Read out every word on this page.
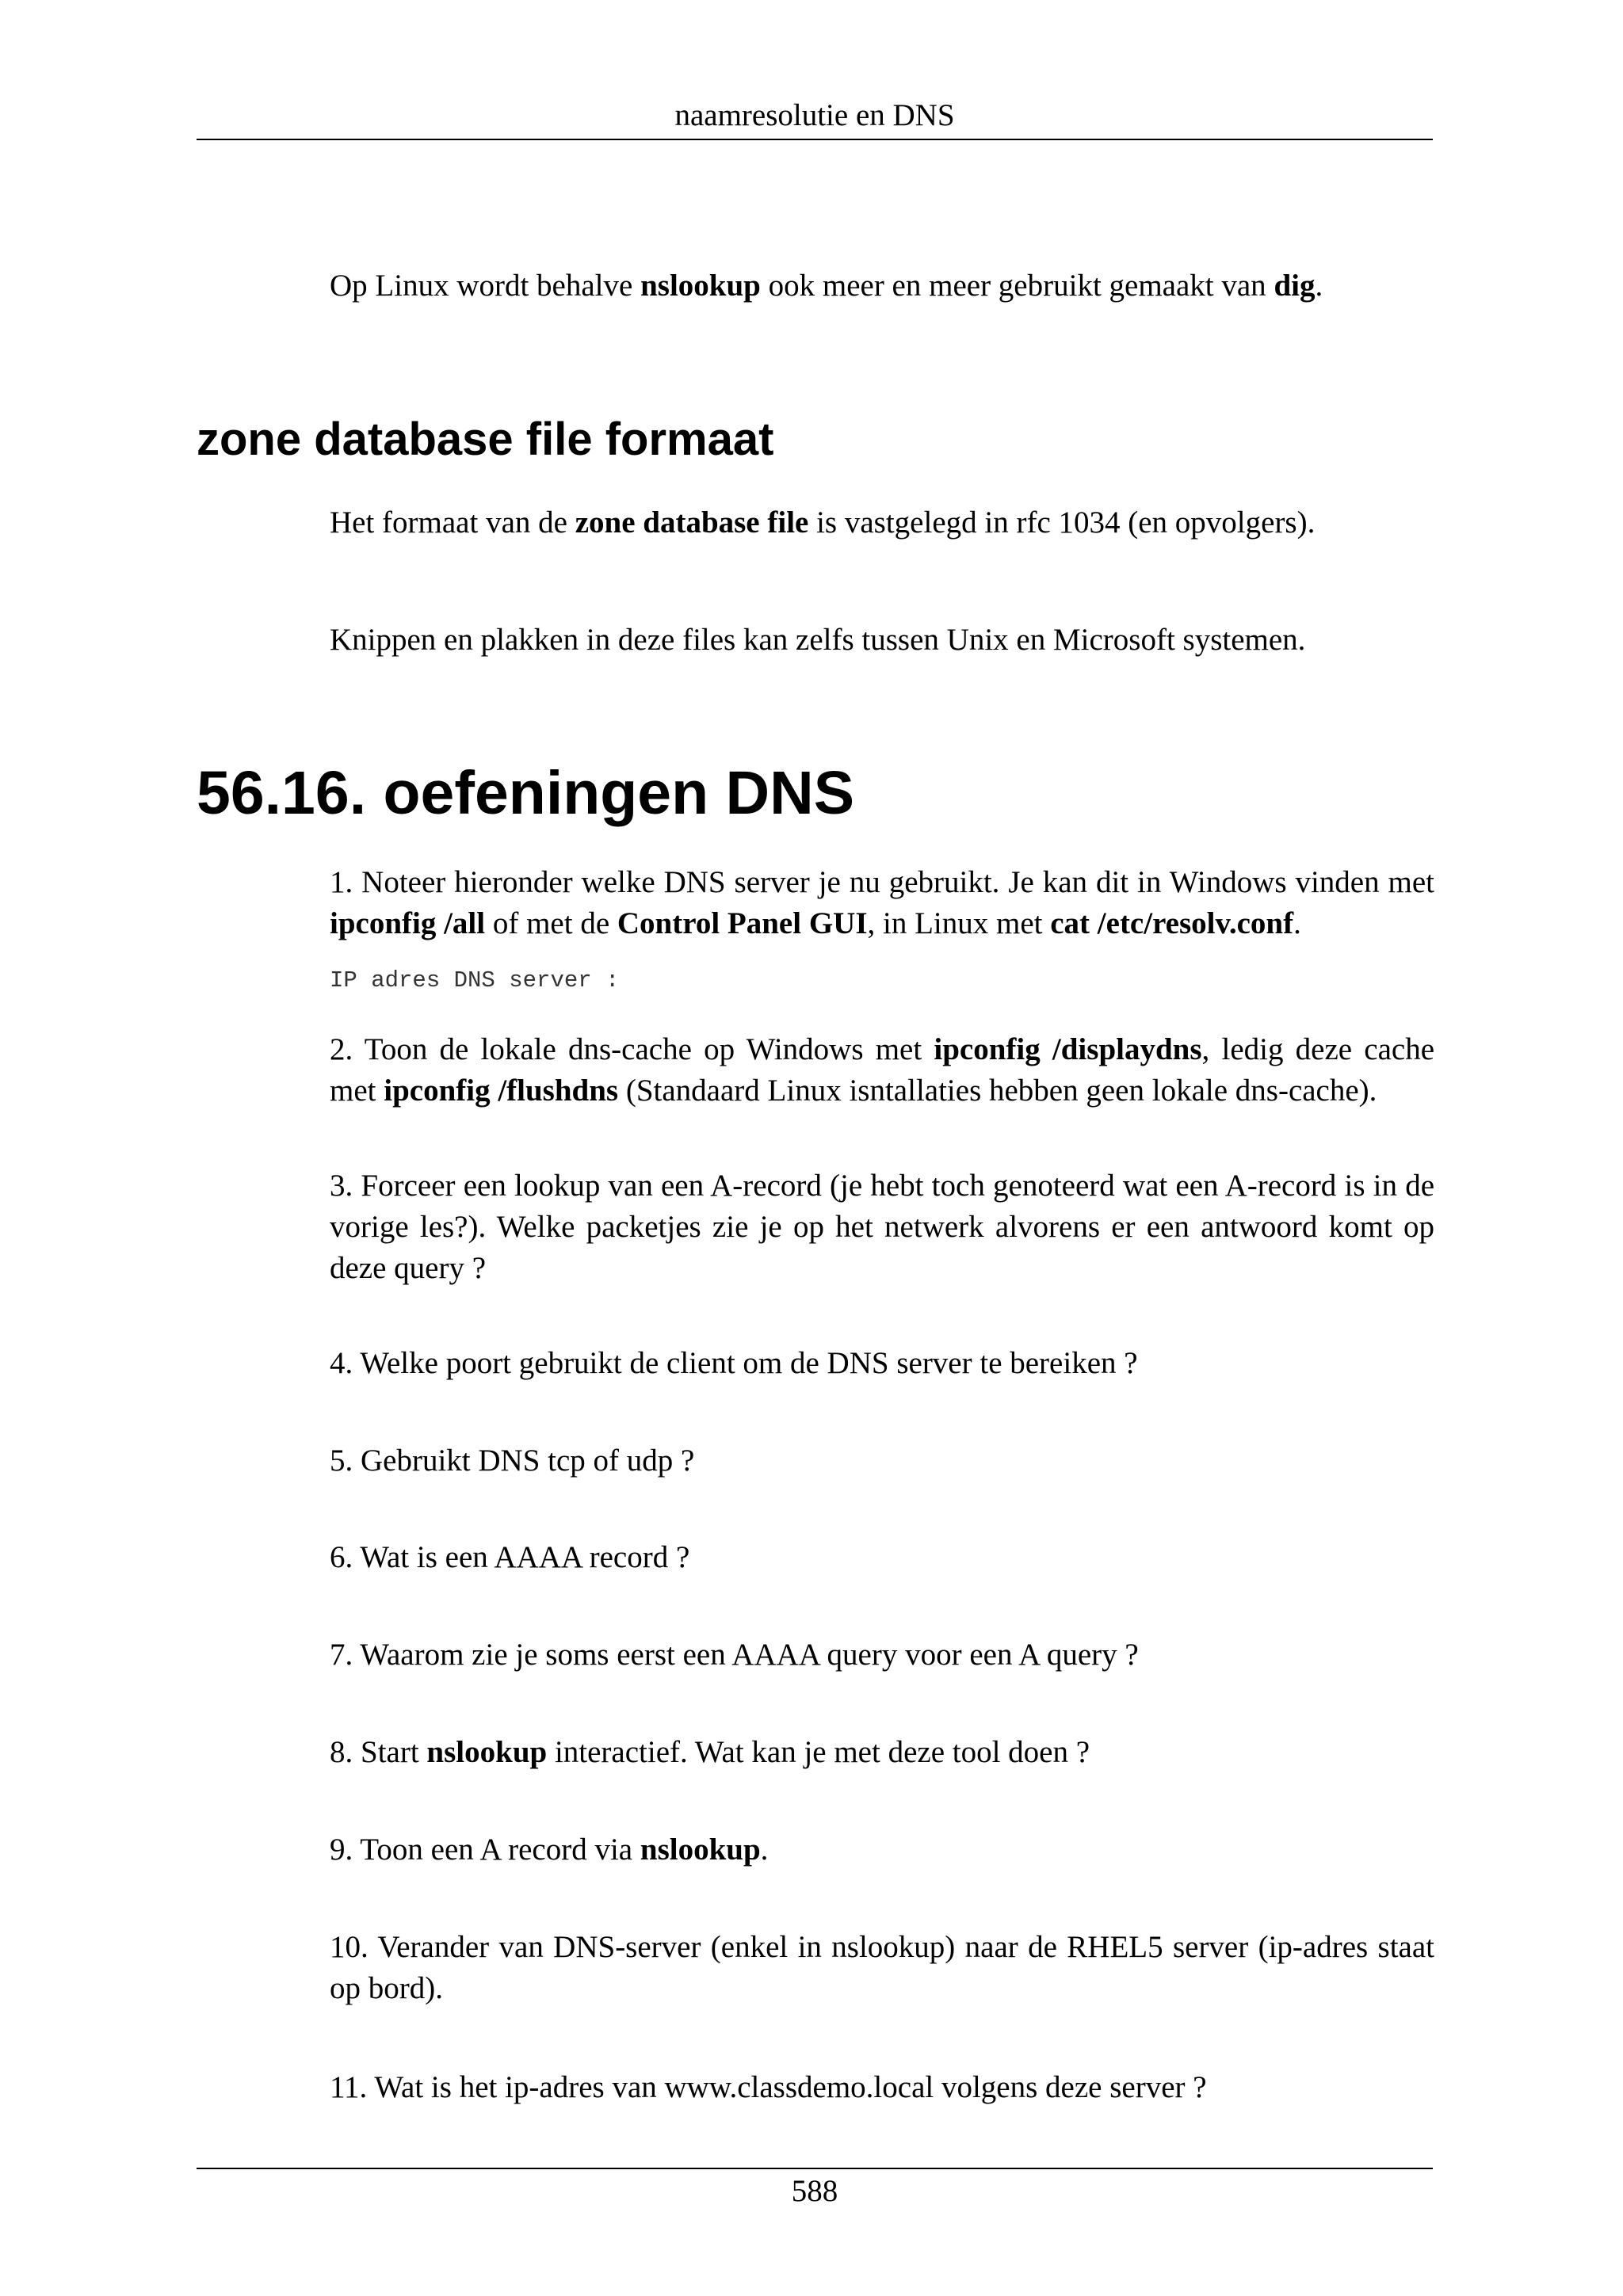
naamresolutie en DNS

Op Linux wordt behalve nslookup ook meer en meer gebruikt gemaakt van dig.

zone database file formaat

Het formaat van de zone database file is vastgelegd in rfc 1034 (en opvolgers).

Knippen en plakken in deze files kan zelfs tussen Unix en Microsoft systemen.

56.16. oefeningen DNS

1. Noteer hieronder welke DNS server je nu gebruikt. Je kan dit in Windows vinden met ipconfig /all of met de Control Panel GUI, in Linux met cat /etc/resolv.conf.

IP adres DNS server :

2. Toon de lokale dns-cache op Windows met ipconfig /displaydns, ledig deze cache met ipconfig /flushdns (Standaard Linux isntallaties hebben geen lokale dns-cache).

3. Forceer een lookup van een A-record (je hebt toch genoteerd wat een A-record is in de vorige les?). Welke packetjes zie je op het netwerk alvorens er een antwoord komt op deze query ?

4. Welke poort gebruikt de client om de DNS server te bereiken ?

5. Gebruikt DNS tcp of udp ?

6. Wat is een AAAA record ?

7. Waarom zie je soms eerst een AAAA query voor een A query ?

8. Start nslookup interactief. Wat kan je met deze tool doen ?

9. Toon een A record via nslookup.

10. Verander van DNS-server (enkel in nslookup) naar de RHEL5 server (ip-adres staat op bord).

11. Wat is het ip-adres van www.classdemo.local volgens deze server ?

588
